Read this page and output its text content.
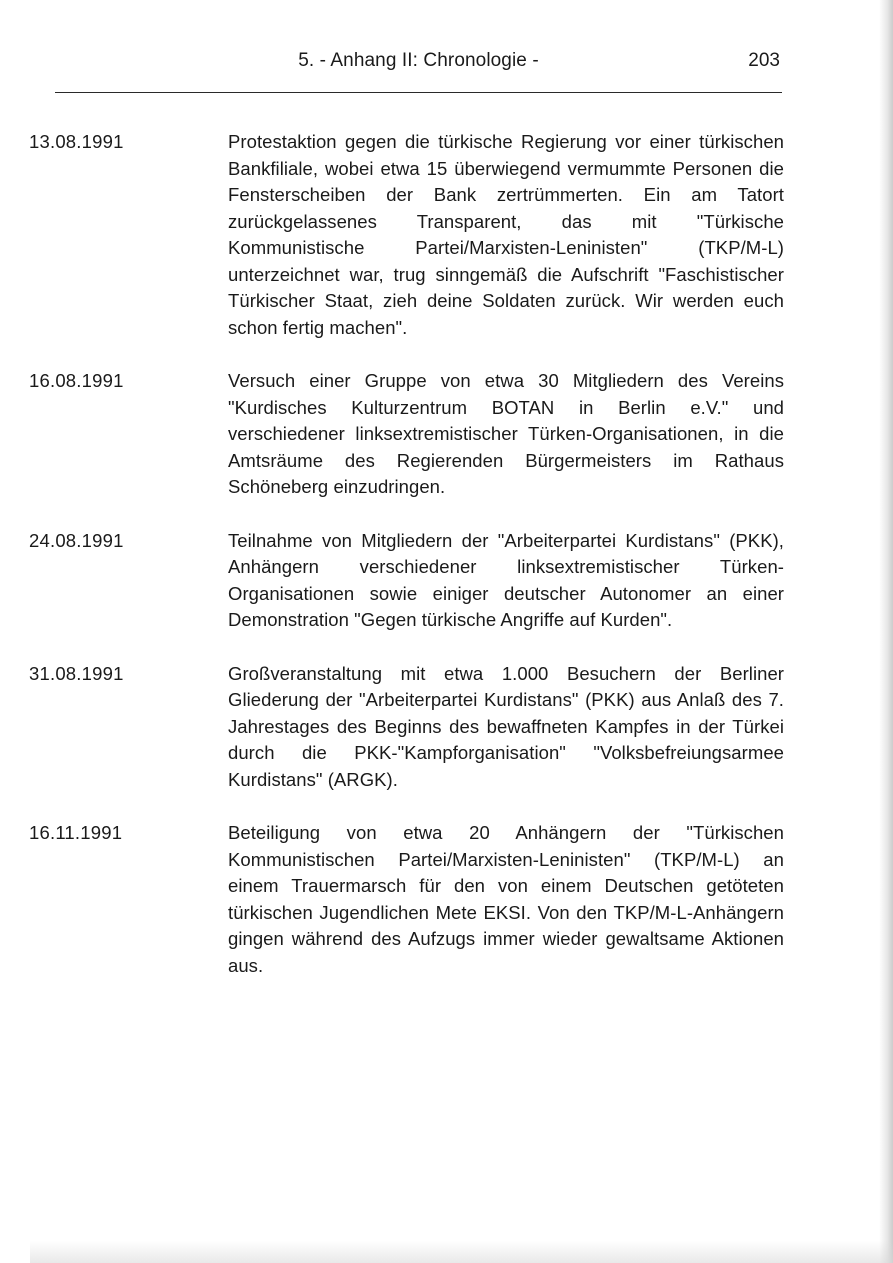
5. - Anhang II: Chronologie -	203
13.08.1991	Protestaktion gegen die türkische Regierung vor einer türkischen Bankfiliale, wobei etwa 15 überwiegend vermummte Personen die Fensterscheiben der Bank zertrümmerten. Ein am Tatort zurückgelassenes Transparent, das mit "Türkische Kommunistische Partei/Marxisten-Leninisten" (TKP/M-L) unterzeichnet war, trug sinngemäß die Aufschrift "Faschistischer Türkischer Staat, zieh deine Soldaten zurück. Wir werden euch schon fertig machen".
16.08.1991	Versuch einer Gruppe von etwa 30 Mitgliedern des Vereins "Kurdisches Kulturzentrum BOTAN in Berlin e.V." und verschiedener linksextremistischer Türken-Organisationen, in die Amtsräume des Regierenden Bürgermeisters im Rathaus Schöneberg einzudringen.
24.08.1991	Teilnahme von Mitgliedern der "Arbeiterpartei Kurdistans" (PKK), Anhängern verschiedener linksextremistischer Türken-Organisationen sowie einiger deutscher Autonomer an einer Demonstration "Gegen türkische Angriffe auf Kurden".
31.08.1991	Großveranstaltung mit etwa 1.000 Besuchern der Berliner Gliederung der "Arbeiterpartei Kurdistans" (PKK) aus Anlaß des 7. Jahrestages des Beginns des bewaffneten Kampfes in der Türkei durch die PKK-"Kampforganisation" "Volksbefreiungsarmee Kurdistans" (ARGK).
16.11.1991	Beteiligung von etwa 20 Anhängern der "Türkischen Kommunistischen Partei/Marxisten-Leninisten" (TKP/M-L) an einem Trauermarsch für den von einem Deutschen getöteten türkischen Jugendlichen Mete EKSI. Von den TKP/M-L-Anhängern gingen während des Aufzugs immer wieder gewaltsame Aktionen aus.
